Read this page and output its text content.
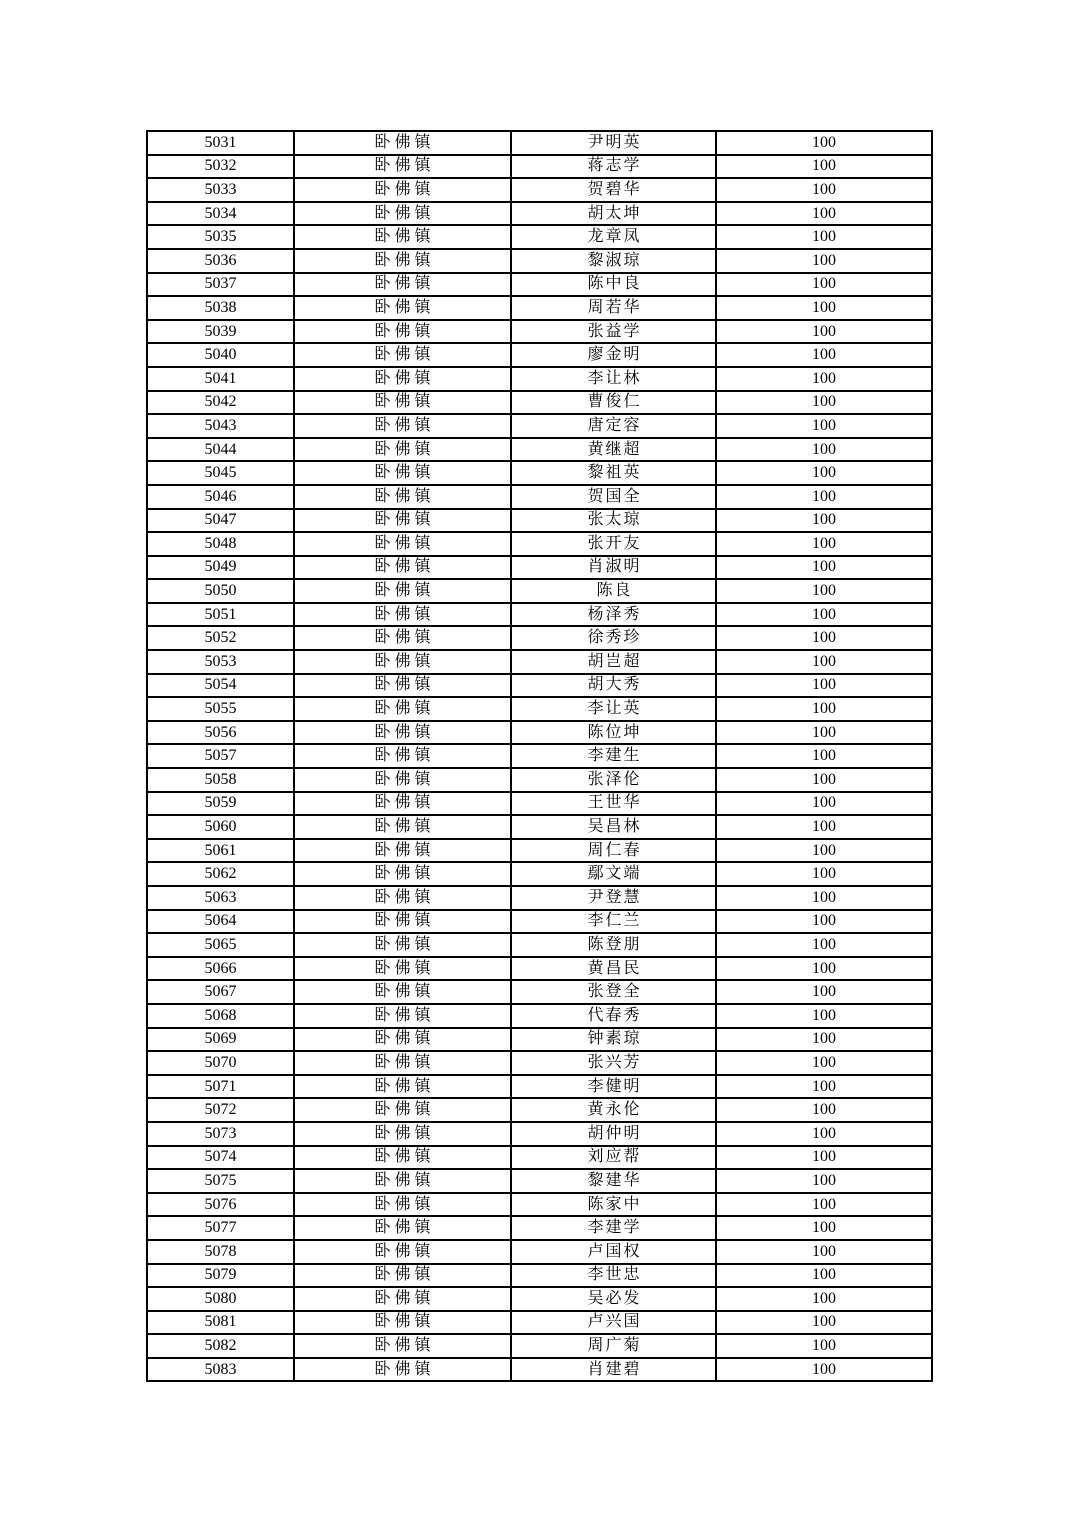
5031	卧佛镇	尹明英	100
5032	卧佛镇	蒋志学	100
5033	卧佛镇	贺碧华	100
5034	卧佛镇	胡太坤	100
5035	卧佛镇	龙章凤	100
5036	卧佛镇	黎淑琼	100
5037	卧佛镇	陈中良	100
5038	卧佛镇	周若华	100
5039	卧佛镇	张益学	100
5040	卧佛镇	廖金明	100
5041	卧佛镇	李让林	100
5042	卧佛镇	曹俊仁	100
5043	卧佛镇	唐定容	100
5044	卧佛镇	黄继超	100
5045	卧佛镇	黎祖英	100
5046	卧佛镇	贺国全	100
5047	卧佛镇	张太琼	100
5048	卧佛镇	张开友	100
5049	卧佛镇	肖淑明	100
5050	卧佛镇	陈良	100
5051	卧佛镇	杨泽秀	100
5052	卧佛镇	徐秀珍	100
5053	卧佛镇	胡岂超	100
5054	卧佛镇	胡大秀	100
5055	卧佛镇	李让英	100
5056	卧佛镇	陈位坤	100
5057	卧佛镇	李建生	100
5058	卧佛镇	张泽伦	100
5059	卧佛镇	王世华	100
5060	卧佛镇	吴昌林	100
5061	卧佛镇	周仁春	100
5062	卧佛镇	鄢文端	100
5063	卧佛镇	尹登慧	100
5064	卧佛镇	李仁兰	100
5065	卧佛镇	陈登朋	100
5066	卧佛镇	黄昌民	100
5067	卧佛镇	张登全	100
5068	卧佛镇	代春秀	100
5069	卧佛镇	钟素琼	100
5070	卧佛镇	张兴芳	100
5071	卧佛镇	李健明	100
5072	卧佛镇	黄永伦	100
5073	卧佛镇	胡仲明	100
5074	卧佛镇	刘应帮	100
5075	卧佛镇	黎建华	100
5076	卧佛镇	陈家中	100
5077	卧佛镇	李建学	100
5078	卧佛镇	卢国权	100
5079	卧佛镇	李世忠	100
5080	卧佛镇	吴必发	100
5081	卧佛镇	卢兴国	100
5082	卧佛镇	周广菊	100
5083	卧佛镇	肖建碧	100
